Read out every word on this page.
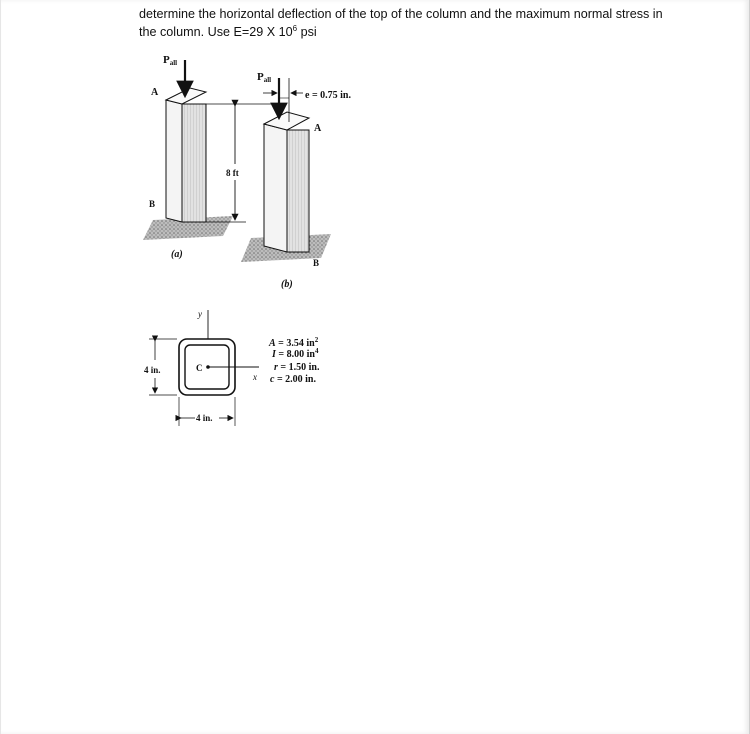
determine the horizontal deflection of the top of the column and the maximum normal stress in
the column. Use E=29 X $10^6$ psi

Pall
A
B
(a)
8 ft
Pall
e = 0.75 in.
A
B
(b)
y
x
C
4 in.
4 in.
A = 3.54 $in^2$
I = 8.00 $in^4$
r = 1.50 in.
c = 2.00 in.
